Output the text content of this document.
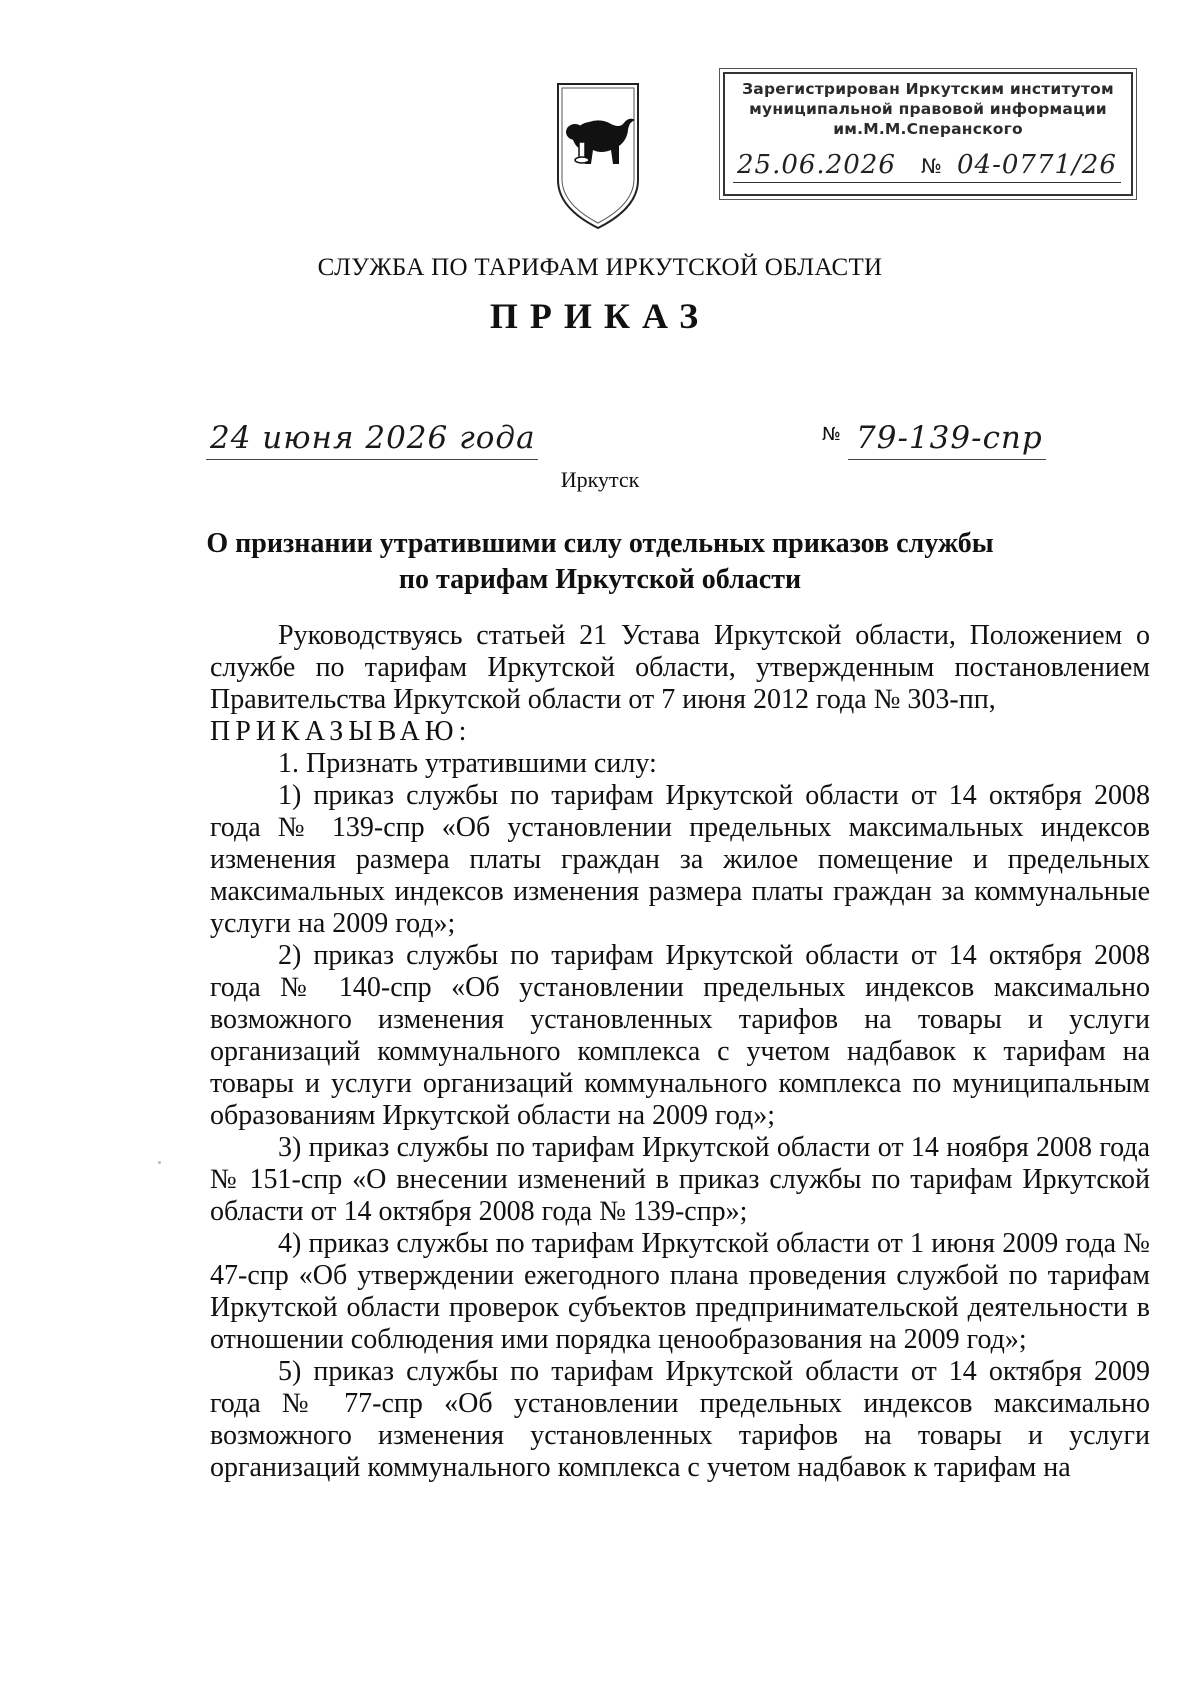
Зарегистрирован Иркутским институтом
муниципальной правовой информации
им.М.М.Сперанского
25.06.2026 № 04-0771/26
СЛУЖБА ПО ТАРИФАМ ИРКУТСКОЙ ОБЛАСТИ
ПРИКАЗ
24 июня 2026 года	№ 79-139-спр
Иркутск
О признании утратившими силу отдельных приказов службы по тарифам Иркутской области

Руководствуясь статьей 21 Устава Иркутской области, Положением о службе по тарифам Иркутской области, утвержденным постановлением Правительства Иркутской области от 7 июня 2012 года № 303-пп,

ПРИКАЗЫВАЮ:

1. Признать утратившими силу:

1) приказ службы по тарифам Иркутской области от 14 октября 2008 года № 139-спр «Об установлении предельных максимальных индексов изменения размера платы граждан за жилое помещение и предельных максимальных индексов изменения размера платы граждан за коммунальные услуги на 2009 год»;

2) приказ службы по тарифам Иркутской области от 14 октября 2008 года № 140-спр «Об установлении предельных индексов максимально возможного изменения установленных тарифов на товары и услуги организаций коммунального комплекса с учетом надбавок к тарифам на товары и услуги организаций коммунального комплекса по муниципальным образованиям Иркутской области на 2009 год»;

3) приказ службы по тарифам Иркутской области от 14 ноября 2008 года № 151-спр «О внесении изменений в приказ службы по тарифам Иркутской области от 14 октября 2008 года № 139-спр»;

4) приказ службы по тарифам Иркутской области от 1 июня 2009 года № 47-спр «Об утверждении ежегодного плана проведения службой по тарифам Иркутской области проверок субъектов предпринимательской деятельности в отношении соблюдения ими порядка ценообразования на 2009 год»;

5) приказ службы по тарифам Иркутской области от 14 октября 2009 года № 77-спр «Об установлении предельных индексов максимально возможного изменения установленных тарифов на товары и услуги организаций коммунального комплекса с учетом надбавок к тарифам на
